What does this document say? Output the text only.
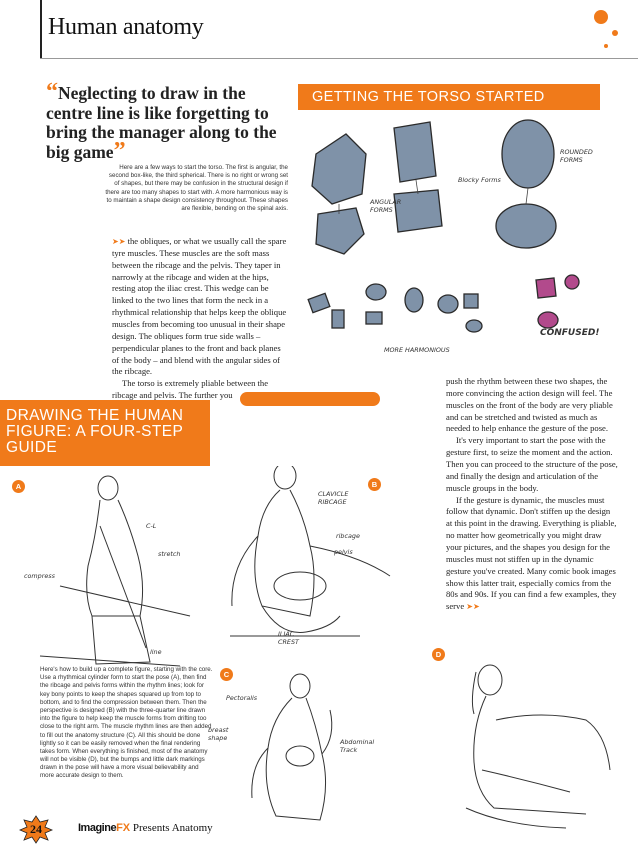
Human anatomy
“Neglecting to draw in the centre line is like forgetting to bring the manager along to the big game”
Here are a few ways to start the torso. The first is angular, the second box-like, the third spherical. There is no right or wrong set of shapes, but there may be confusion in the structural design if there are too many shapes to start with. A more harmonious way is to maintain a shape design consistency throughout. These shapes are flexible, bending on the spinal axis.

➤➤ the obliques, or what we usually call the spare tyre muscles. These muscles are the soft mass between the ribcage and the pelvis. They taper in narrowly at the ribcage and widen at the hips, resting atop the iliac crest. This wedge can be linked to the two lines that form the neck in a rhythmical relationship that helps keep the oblique muscles from becoming too unusual in their shape design. The obliques form true side walls – perpendicular planes to the front and back planes of the body – and blend with the angular sides of the ribcage.

The torso is extremely pliable between the ribcage and pelvis. The further you

GETTING THE TORSO STARTED
ROUNDED FORMS
Blocky Forms
ANGULAR FORMS
CONFUSED!
MORE HARMONIOUS

push the rhythm between these two shapes, the more convincing the action design will feel. The muscles on the front of the body are very pliable and can be stretched and twisted as much as needed to help enhance the gesture of the pose.

It's very important to start the pose with the gesture first, to seize the moment and the action. Then you can proceed to the structure of the pose, and finally the design and articulation of the muscle groups in the body.

If the gesture is dynamic, the muscles must follow that dynamic. Don't stiffen up the design at this point in the drawing. Everything is pliable, no matter how geometrically you might draw your pictures, and the shapes you design for the muscles must not stiffen up in the dynamic gesture you've created. Many comic book images show this latter trait, especially comics from the 80s and 90s. If you can find a few examples, they serve ➤➤

DRAWING THE HUMAN FIGURE: A FOUR-STEP GUIDE
A	B
C
D
C-L
stretch
compress
line
CLAVICLE RIBCAGE
ribcage
pelvis
ILIAC CREST
Pectoralis
breast shape	Abdominal Track
Here's how to build up a complete figure, starting with the core. Use a rhythmical cylinder form to start the pose (A), then find the ribcage and pelvis forms within the rhythm lines; look for key bony points to keep the shapes squared up from top to bottom, and to find the compression between them. Then the perspective is designed (B) with the three-quarter line drawn into the figure to help keep the muscle forms from drifting too close to the right arm. The muscle rhythm lines are then added to fill out the anatomy structure (C). All this should be done lightly so it can be easily removed when the final rendering takes form. When everything is finished, most of the anatomy will not be visible (D), but the bumps and little dark markings drawn in the pose will have a more visual believability and more accurate design to them.
24	ImagineFX Presents Anatomy
